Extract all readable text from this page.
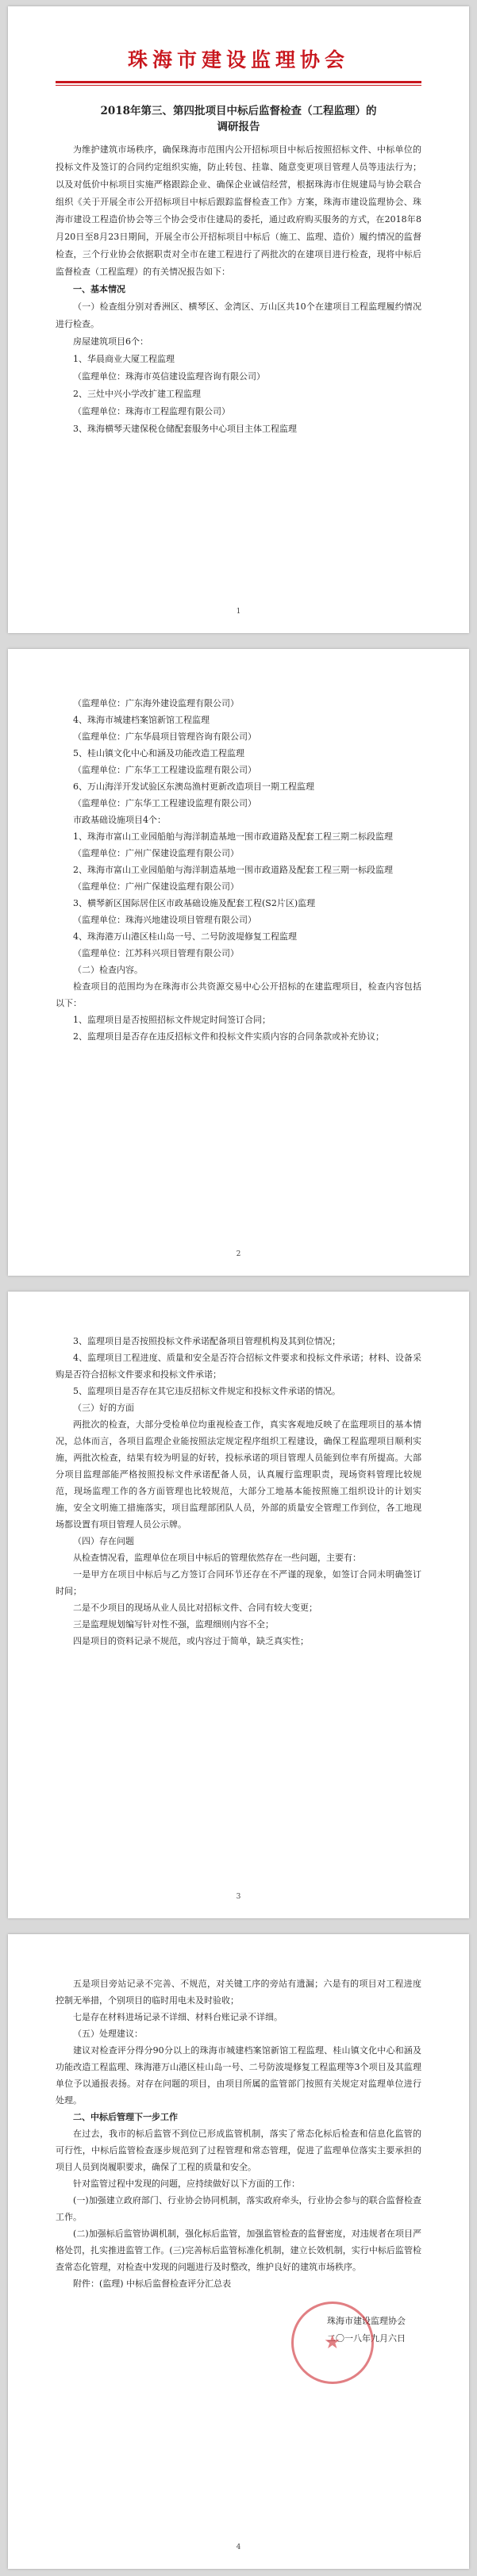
珠海市建设监理协会
2018年第三、第四批项目中标后监督检查（工程监理）的
调研报告

为维护建筑市场秩序，确保珠海市范围内公开招标项目中标后按照招标文件、中标单位的投标文件及签订的合同约定组织实施，防止转包、挂靠、随意变更项目管理人员等违法行为；以及对低价中标项目实施严格跟踪企业、确保企业诚信经营，根据珠海市住规建局与协会联合组织《关于开展全市公开招标项目中标后跟踪监督检查工作》方案，珠海市建设监理协会、珠海市建设工程造价协会等三个协会受市住建局的委托，通过政府购买服务的方式，在2018年8月20日至8月23日期间，开展全市公开招标项目中标后（施工、监理、造价）履约情况的监督检查，三个行业协会依据职责对全市在建工程进行了两批次的在建项目进行检查，现将中标后监督检查（工程监理）的有关情况报告如下：

一、基本情况

（一）检查组分别对香洲区、横琴区、金湾区、万山区共10个在建项目工程监理履约情况进行检查。

房屋建筑项目6个：

1、华晨商业大厦工程监理

（监理单位：珠海市英信建设监理咨询有限公司）

2、三灶中兴小学改扩建工程监理

（监理单位：珠海市工程监理有限公司）

3、珠海横琴天建保税仓储配套服务中心项目主体工程监理

1

（监理单位：广东海外建设监理有限公司）

4、珠海市城建档案馆新馆工程监理

（监理单位：广东华晨项目管理咨询有限公司）

5、桂山镇文化中心和涵及功能改造工程监理

（监理单位：广东华工工程建设监理有限公司）

6、万山海洋开发试验区东澳岛渔村更新改造项目一期工程监理

（监理单位：广东华工工程建设监理有限公司）

市政基础设施项目4个：

1、珠海市富山工业园船舶与海洋制造基地一围市政道路及配套工程三期二标段监理

（监理单位：广州广保建设监理有限公司）

2、珠海市富山工业园船舶与海洋制造基地一围市政道路及配套工程三期一标段监理

（监理单位：广州广保建设监理有限公司）

3、横琴新区国际居住区市政基础设施及配套工程(S2片区)监理

（监理单位：珠海兴地建设项目管理有限公司）

4、珠海港万山港区桂山岛一号、二号防波堤修复工程监理

（监理单位：江苏科兴项目管理有限公司）

（二）检查内容。

检查项目的范围均为在珠海市公共资源交易中心公开招标的在建监理项目，检查内容包括以下：

1、监理项目是否按照招标文件规定时间签订合同；

2、监理项目是否存在违反招标文件和投标文件实质内容的合同条款或补充协议；

2

3、监理项目是否按照投标文件承诺配备项目管理机构及其到位情况；

4、监理项目工程进度、质量和安全是否符合招标文件要求和投标文件承诺；材料、设备采购是否符合招标文件要求和投标文件承诺；

5、监理项目是否存在其它违反招标文件规定和投标文件承诺的情况。

（三）好的方面

两批次的检查，大部分受检单位均重视检查工作，真实客观地反映了在监理项目的基本情况，总体而言，各项目监理企业能按照法定规定程序组织工程建设，确保工程监理项目顺利实施，两批次检查，结果有较为明显的好转，投标承诺的项目管理人员能到位率有所提高。大部分项目监理部能严格按照投标文件承诺配备人员，认真履行监理职责，现场资料管理比较规范，现场监理工作的各方面管理也比较规范，大部分工地基本能按照施工组织设计的计划实施，安全文明施工措施落实，项目监理部团队人员，外部的质量安全管理工作到位，各工地现场都设置有项目管理人员公示牌。

（四）存在问题

从检查情况看，监理单位在项目中标后的管理依然存在一些问题，主要有：

一是甲方在项目中标后与乙方签订合同环节还存在不严谨的现象，如签订合同未明确签订时间；

二是不少项目的现场从业人员比对招标文件、合同有较大变更；

三是监理规划编写针对性不强，监理细则内容不全；

四是项目的资料记录不规范，或内容过于简单，缺乏真实性；

3

五是项目旁站记录不完善、不规范，对关键工序的旁站有遗漏；六是有的项目对工程进度控制无举措，个别项目的临时用电未及时验收；

七是存在材料进场记录不详细、材料台账记录不详细。

（五）处理建议：

建议对检查评分得分90分以上的珠海市城建档案馆新馆工程监理、桂山镇文化中心和涵及功能改造工程监理、珠海港万山港区桂山岛一号、二号防波堤修复工程监理等3个项目及其监理单位予以通报表扬。对存在问题的项目，由项目所属的监管部门按照有关规定对监理单位进行处理。

二、中标后管理下一步工作

在过去，我市的标后监管不到位已形成监管机制，落实了常态化标后检查和信息化监管的可行性，中标后监管检查逐步规范到了过程管理和常态管理，促进了监理单位落实主要承担的项目人员到岗履职要求，确保了工程的质量和安全。

针对监管过程中发现的问题，应持续做好以下方面的工作：

(一)加强建立政府部门、行业协会协同机制，落实政府牵头，行业协会参与的联合监督检查工作。

(二)加强标后监管协调机制，强化标后监管，加强监管检查的监督密度，对违规者在项目严格处罚，扎实推进监管工作。(三)完善标后监管标准化机制，建立长效机制，实行中标后监管检查常态化管理，对检查中发现的问题进行及时整改，维护良好的建筑市场秩序。

附件：(监理) 中标后监督检查评分汇总表

★
珠海市建设监理协会
二〇一八年九月六日
4
